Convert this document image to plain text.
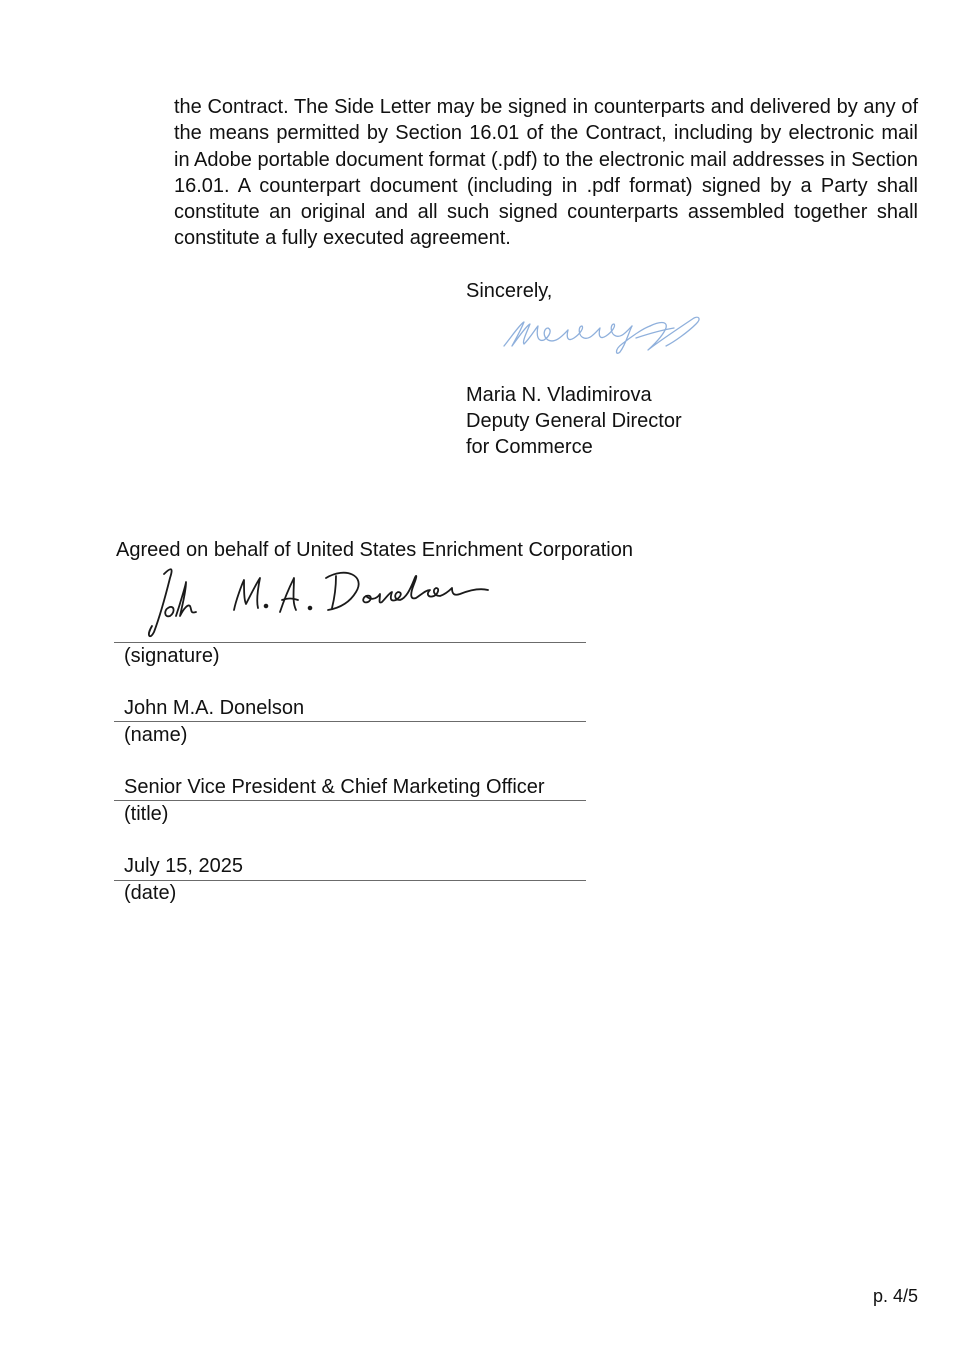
the Contract. The Side Letter may be signed in counterparts and delivered by any of the means permitted by Section 16.01 of the Contract, including by electronic mail in Adobe portable document format (.pdf) to the electronic mail addresses in Section 16.01. A counterpart document (including in .pdf format) signed by a Party shall constitute an original and all such signed counterparts assembled together shall constitute a fully executed agreement.

Sincerely,
Maria N. Vladimirova
Deputy General Director
for Commerce
Agreed on behalf of United States Enrichment Corporation
(signature)
John M.A. Donelson
(name)
Senior Vice President & Chief Marketing Officer
(title)
July 15, 2025
(date)
p. 4/5
